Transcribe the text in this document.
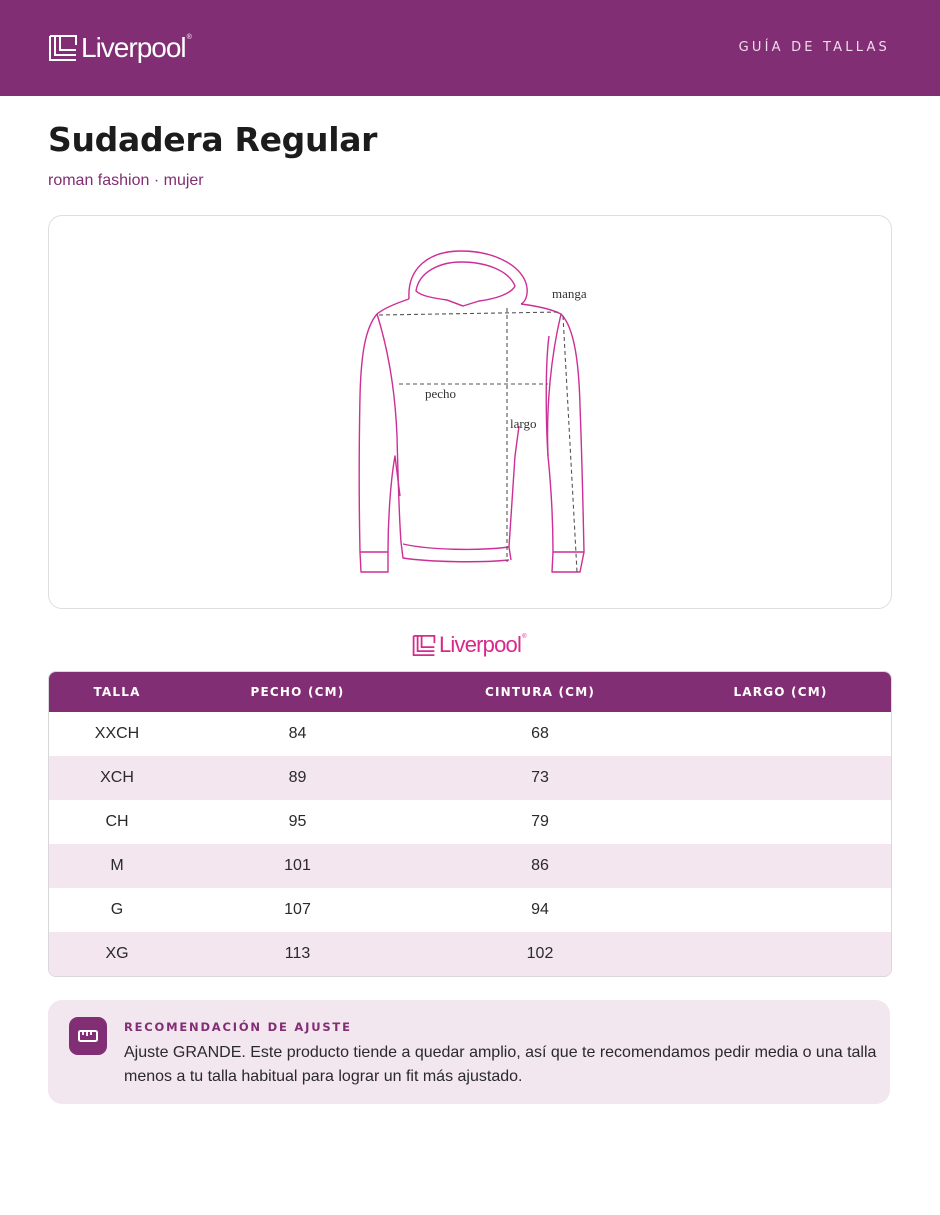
Liverpool ®
GUÍA DE TALLAS
Sudadera Regular
roman fashion · mujer
manga
pecho
largo
Liverpool ®
TALLA	PECHO (CM)	CINTURA (CM)	LARGO (CM)
XXCH	84	68	
XCH	89	73	
CH	95	79	
M	101	86	
G	107	94	
XG	113	102	
RECOMENDACIÓN DE AJUSTE
Ajuste GRANDE. Este producto tiende a quedar amplio, así que te recomendamos pedir media o una talla menos a tu talla habitual para lograr un fit más ajustado.
